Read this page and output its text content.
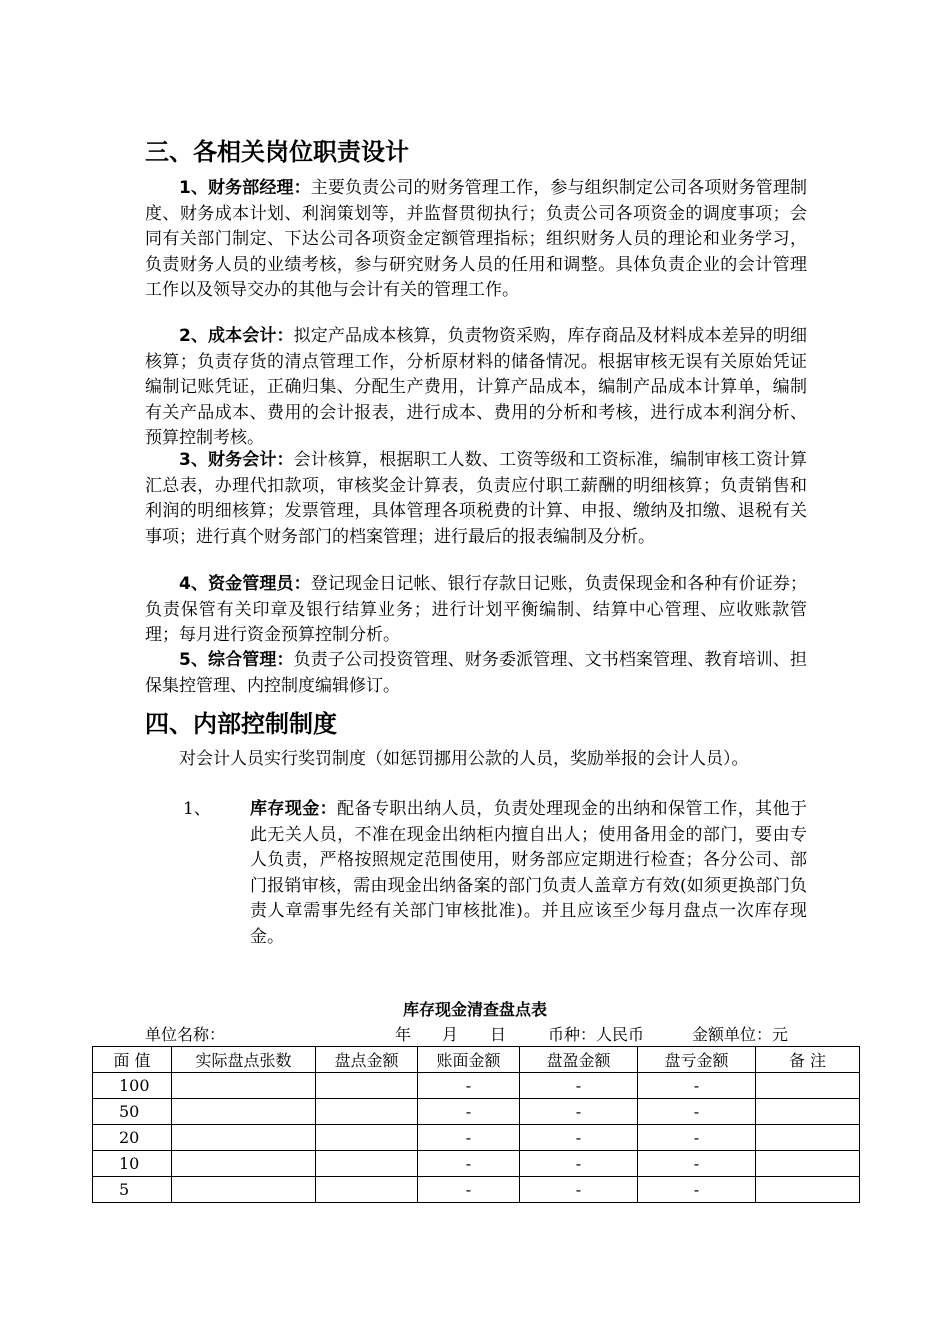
三、各相关岗位职责设计

1、财务部经理：主要负责公司的财务管理工作，参与组织制定公司各项财务管理制度、财务成本计划、利润策划等，并监督贯彻执行；负责公司各项资金的调度事项；会同有关部门制定、下达公司各项资金定额管理指标；组织财务人员的理论和业务学习，负责财务人员的业绩考核，参与研究财务人员的任用和调整。具体负责企业的会计管理工作以及领导交办的其他与会计有关的管理工作。

2、成本会计：拟定产品成本核算，负责物资采购，库存商品及材料成本差异的明细核算；负责存货的清点管理工作，分析原材料的储备情况。根据审核无误有关原始凭证编制记账凭证，正确归集、分配生产费用，计算产品成本，编制产品成本计算单，编制有关产品成本、费用的会计报表，进行成本、费用的分析和考核，进行成本利润分析、预算控制考核。

3、财务会计：会计核算，根据职工人数、工资等级和工资标准，编制审核工资计算汇总表，办理代扣款项，审核奖金计算表，负责应付职工薪酬的明细核算；负责销售和利润的明细核算；发票管理，具体管理各项税费的计算、申报、缴纳及扣缴、退税有关事项；进行真个财务部门的档案管理；进行最后的报表编制及分析。

4、资金管理员：登记现金日记帐、银行存款日记账，负责保现金和各种有价证券；负责保管有关印章及银行结算业务；进行计划平衡编制、结算中心管理、应收账款管理；每月进行资金预算控制分析。

5、综合管理：负责子公司投资管理、财务委派管理、文书档案管理、教育培训、担保集控管理、内控制度编辑修订。

四、内部控制制度

对会计人员实行奖罚制度（如惩罚挪用公款的人员，奖励举报的会计人员）。

1、 库存现金：配备专职出纳人员，负责处理现金的出纳和保管工作，其他于此无关人员，不准在现金出纳柜内擅自出人；使用备用金的部门，要由专人负责，严格按照规定范围使用，财务部应定期进行检查；各分公司、部门报销审核，需由现金出纳备案的部门负责人盖章方有效(如须更换部门负责人章需事先经有关部门审核批准)。并且应该至少每月盘点一次库存现金。

库存现金清查盘点表
单位名称：	年 月 日	币种：人民币	金额单位：元
面 值	实际盘点张数	盘点金额	账面金额	盘盈金额	盘亏金额	备 注
100			-	-	-	
50			-	-	-	
20			-	-	-	
10			-	-	-	
5			-	-	-	
